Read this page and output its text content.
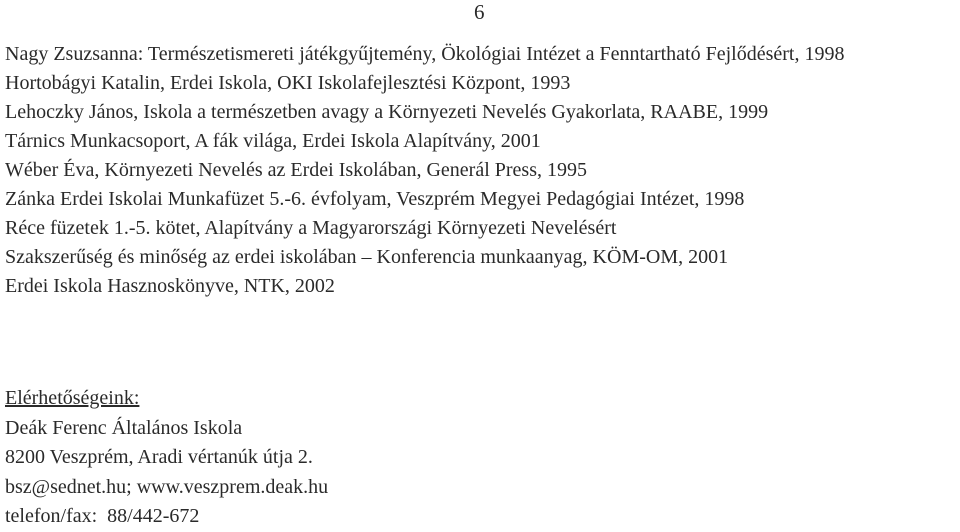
6
Nagy Zsuzsanna: Természetismereti játékgyűjtemény, Ökológiai Intézet a Fenntartható Fejlődésért, 1998
Hortobágyi Katalin, Erdei Iskola, OKI Iskolafejlesztési Központ, 1993
Lehoczky János, Iskola a természetben avagy a Környezeti Nevelés Gyakorlata, RAABE, 1999
Tárnics Munkacsoport, A fák világa, Erdei Iskola Alapítvány, 2001
Wéber Éva, Környezeti Nevelés az Erdei Iskolában, Generál Press, 1995
Zánka Erdei Iskolai Munkafüzet 5.-6. évfolyam, Veszprém Megyei Pedagógiai Intézet, 1998
Réce füzetek 1.-5. kötet, Alapítvány a Magyarországi Környezeti Nevelésért
Szakszerűség és minőség az erdei iskolában – Konferencia munkaanyag, KÖM-OM, 2001
Erdei Iskola Hasznoskönyve, NTK, 2002
Elérhetőségeink:
Deák Ferenc Általános Iskola
8200 Veszprém, Aradi vértanúk útja 2.
bsz@sednet.hu; www.veszprem.deak.hu
telefon/fax:  88/442-672
